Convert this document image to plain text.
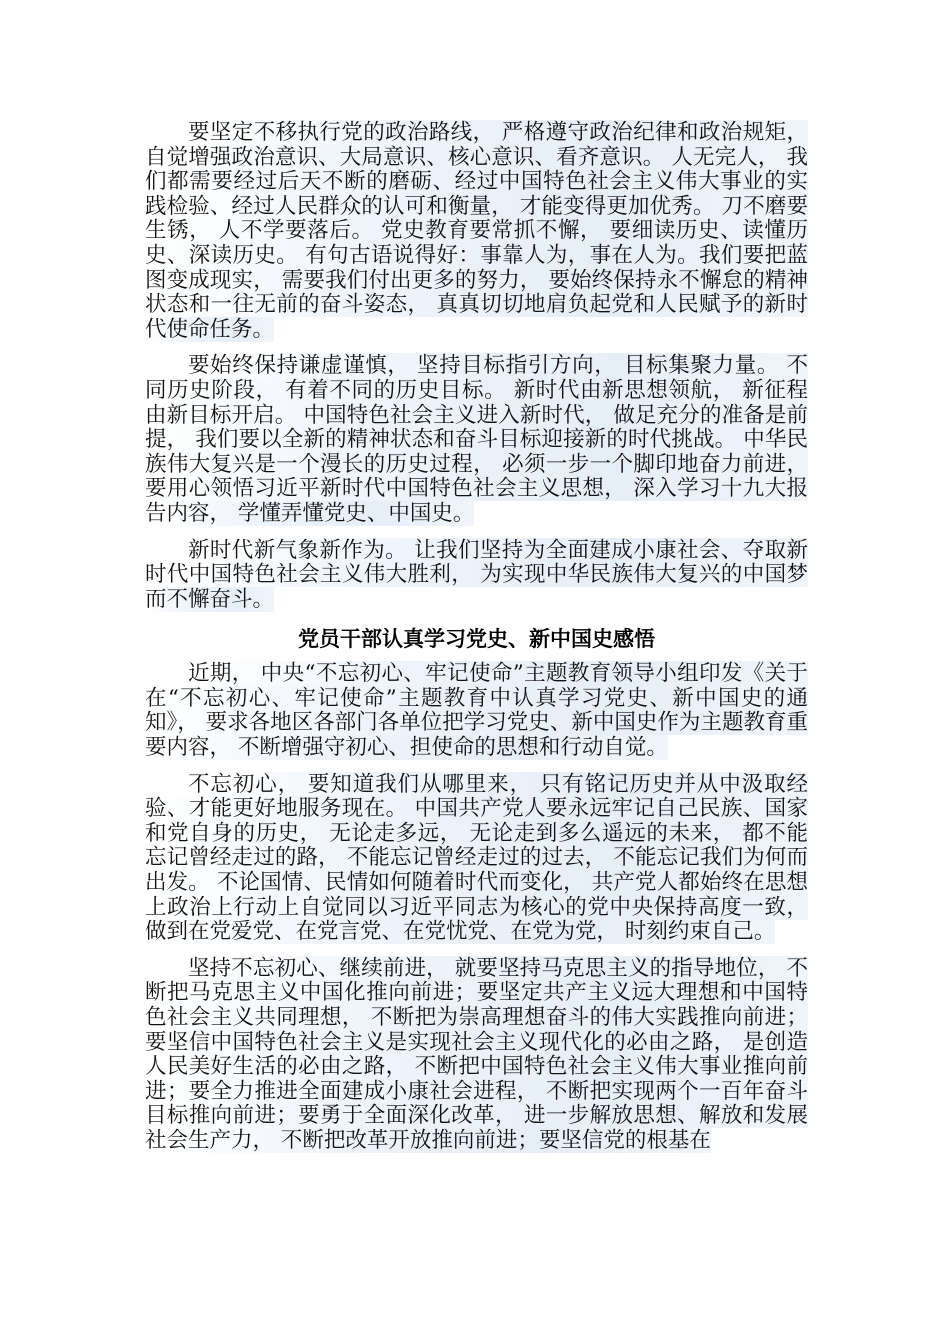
要坚定不移执行党的政治路线， 严格遵守政治纪律和政治规矩，自觉增强政治意识、大局意识、核心意识、看齐意识。 人无完人， 我们都需要经过后天不断的磨砺、经过中国特色社会主义伟大事业的实践检验、经过人民群众的认可和衡量， 才能变得更加优秀。 刀不磨要生锈， 人不学要落后。 党史教育要常抓不懈， 要细读历史、读懂历史、深读历史。 有句古语说得好：事靠人为，事在人为。我们要把蓝图变成现实， 需要我们付出更多的努力， 要始终保持永不懈怠的精神状态和一往无前的奋斗姿态， 真真切切地肩负起党和人民赋予的新时代使命任务。

要始终保持谦虚谨慎， 坚持目标指引方向， 目标集聚力量。 不同历史阶段， 有着不同的历史目标。 新时代由新思想领航， 新征程由新目标开启。 中国特色社会主义进入新时代， 做足充分的准备是前提， 我们要以全新的精神状态和奋斗目标迎接新的时代挑战。 中华民族伟大复兴是一个漫长的历史过程， 必须一步一个脚印地奋力前进， 要用心领悟习近平新时代中国特色社会主义思想， 深入学习十九大报告内容， 学懂弄懂党史、中国史。

新时代新气象新作为。 让我们坚持为全面建成小康社会、夺取新时代中国特色社会主义伟大胜利， 为实现中华民族伟大复兴的中国梦而不懈奋斗。

党员干部认真学习党史、新中国史感悟

近期， 中央“不忘初心、牢记使命”主题教育领导小组印发《关于在“不忘初心、牢记使命”主题教育中认真学习党史、新中国史的通知》， 要求各地区各部门各单位把学习党史、新中国史作为主题教育重要内容， 不断增强守初心、担使命的思想和行动自觉。

不忘初心， 要知道我们从哪里来， 只有铭记历史并从中汲取经验、才能更好地服务现在。 中国共产党人要永远牢记自己民族、国家和党自身的历史， 无论走多远， 无论走到多么遥远的未来， 都不能忘记曾经走过的路， 不能忘记曾经走过的过去， 不能忘记我们为何而出发。 不论国情、民情如何随着时代而变化， 共产党人都始终在思想上政治上行动上自觉同以习近平同志为核心的党中央保持高度一致， 做到在党爱党、在党言党、在党忧党、在党为党， 时刻约束自己。

坚持不忘初心、继续前进， 就要坚持马克思主义的指导地位， 不断把马克思主义中国化推向前进；要坚定共产主义远大理想和中国特色社会主义共同理想， 不断把为崇高理想奋斗的伟大实践推向前进；要坚信中国特色社会主义是实现社会主义现代化的必由之路， 是创造人民美好生活的必由之路， 不断把中国特色社会主义伟大事业推向前进；要全力推进全面建成小康社会进程， 不断把实现两个一百年奋斗目标推向前进；要勇于全面深化改革， 进一步解放思想、解放和发展社会生产力， 不断把改革开放推向前进；要坚信党的根基在
